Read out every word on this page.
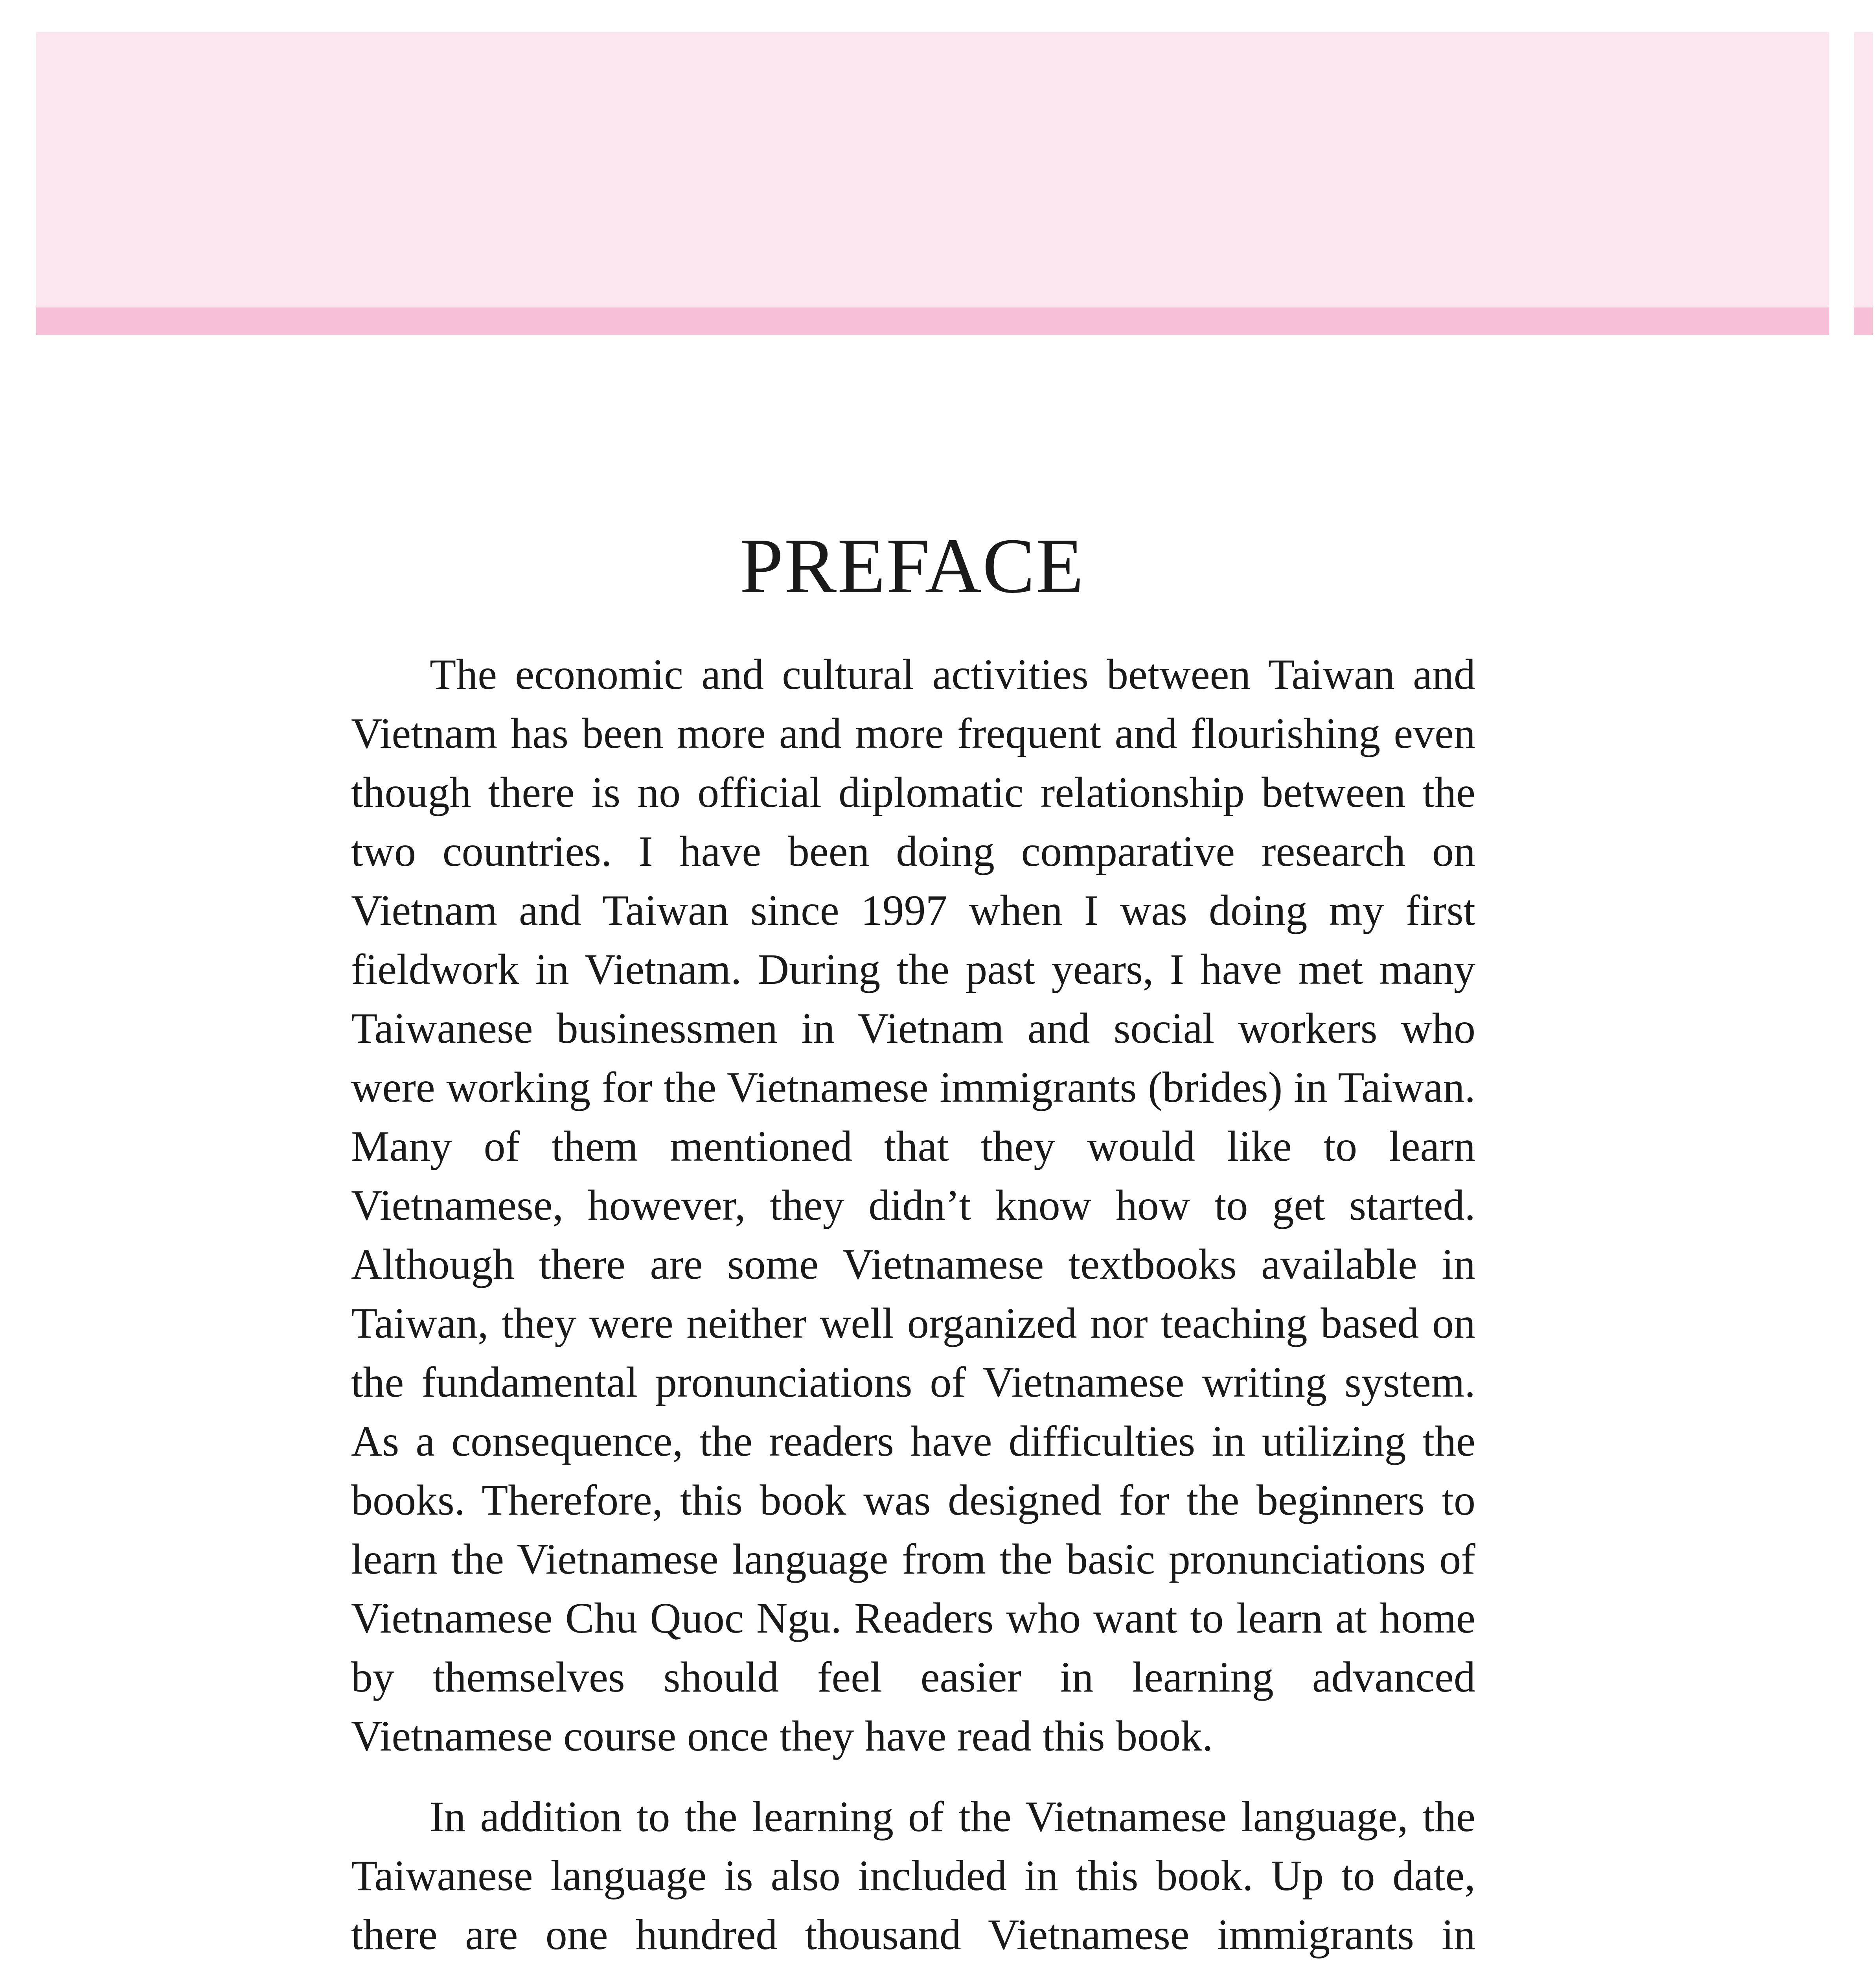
PREFACE

The economic and cultural activities between Taiwan and Vietnam has been more and more frequent and flourishing even though there is no official diplomatic relationship between the two countries. I have been doing comparative research on Vietnam and Taiwan since 1997 when I was doing my first fieldwork in Vietnam. During the past years, I have met many Taiwanese businessmen in Vietnam and social workers who were working for the Vietnamese immigrants (brides) in Taiwan. Many of them mentioned that they would like to learn Vietnamese, however, they didn’t know how to get started. Although there are some Vietnamese textbooks available in Taiwan, they were neither well organized nor teaching based on the fundamental pronunciations of Vietnamese writing system. As a consequence, the readers have difficulties in utilizing the books. Therefore, this book was designed for the beginners to learn the Vietnamese language from the basic pronunciations of Vietnamese Chu Quoc Ngu. Readers who want to learn at home by themselves should feel easier in learning advanced Vietnamese course once they have read this book.

In addition to the learning of the Vietnamese language, the Taiwanese language is also included in this book. Up to date, there are one hundred thousand Vietnamese immigrants in
